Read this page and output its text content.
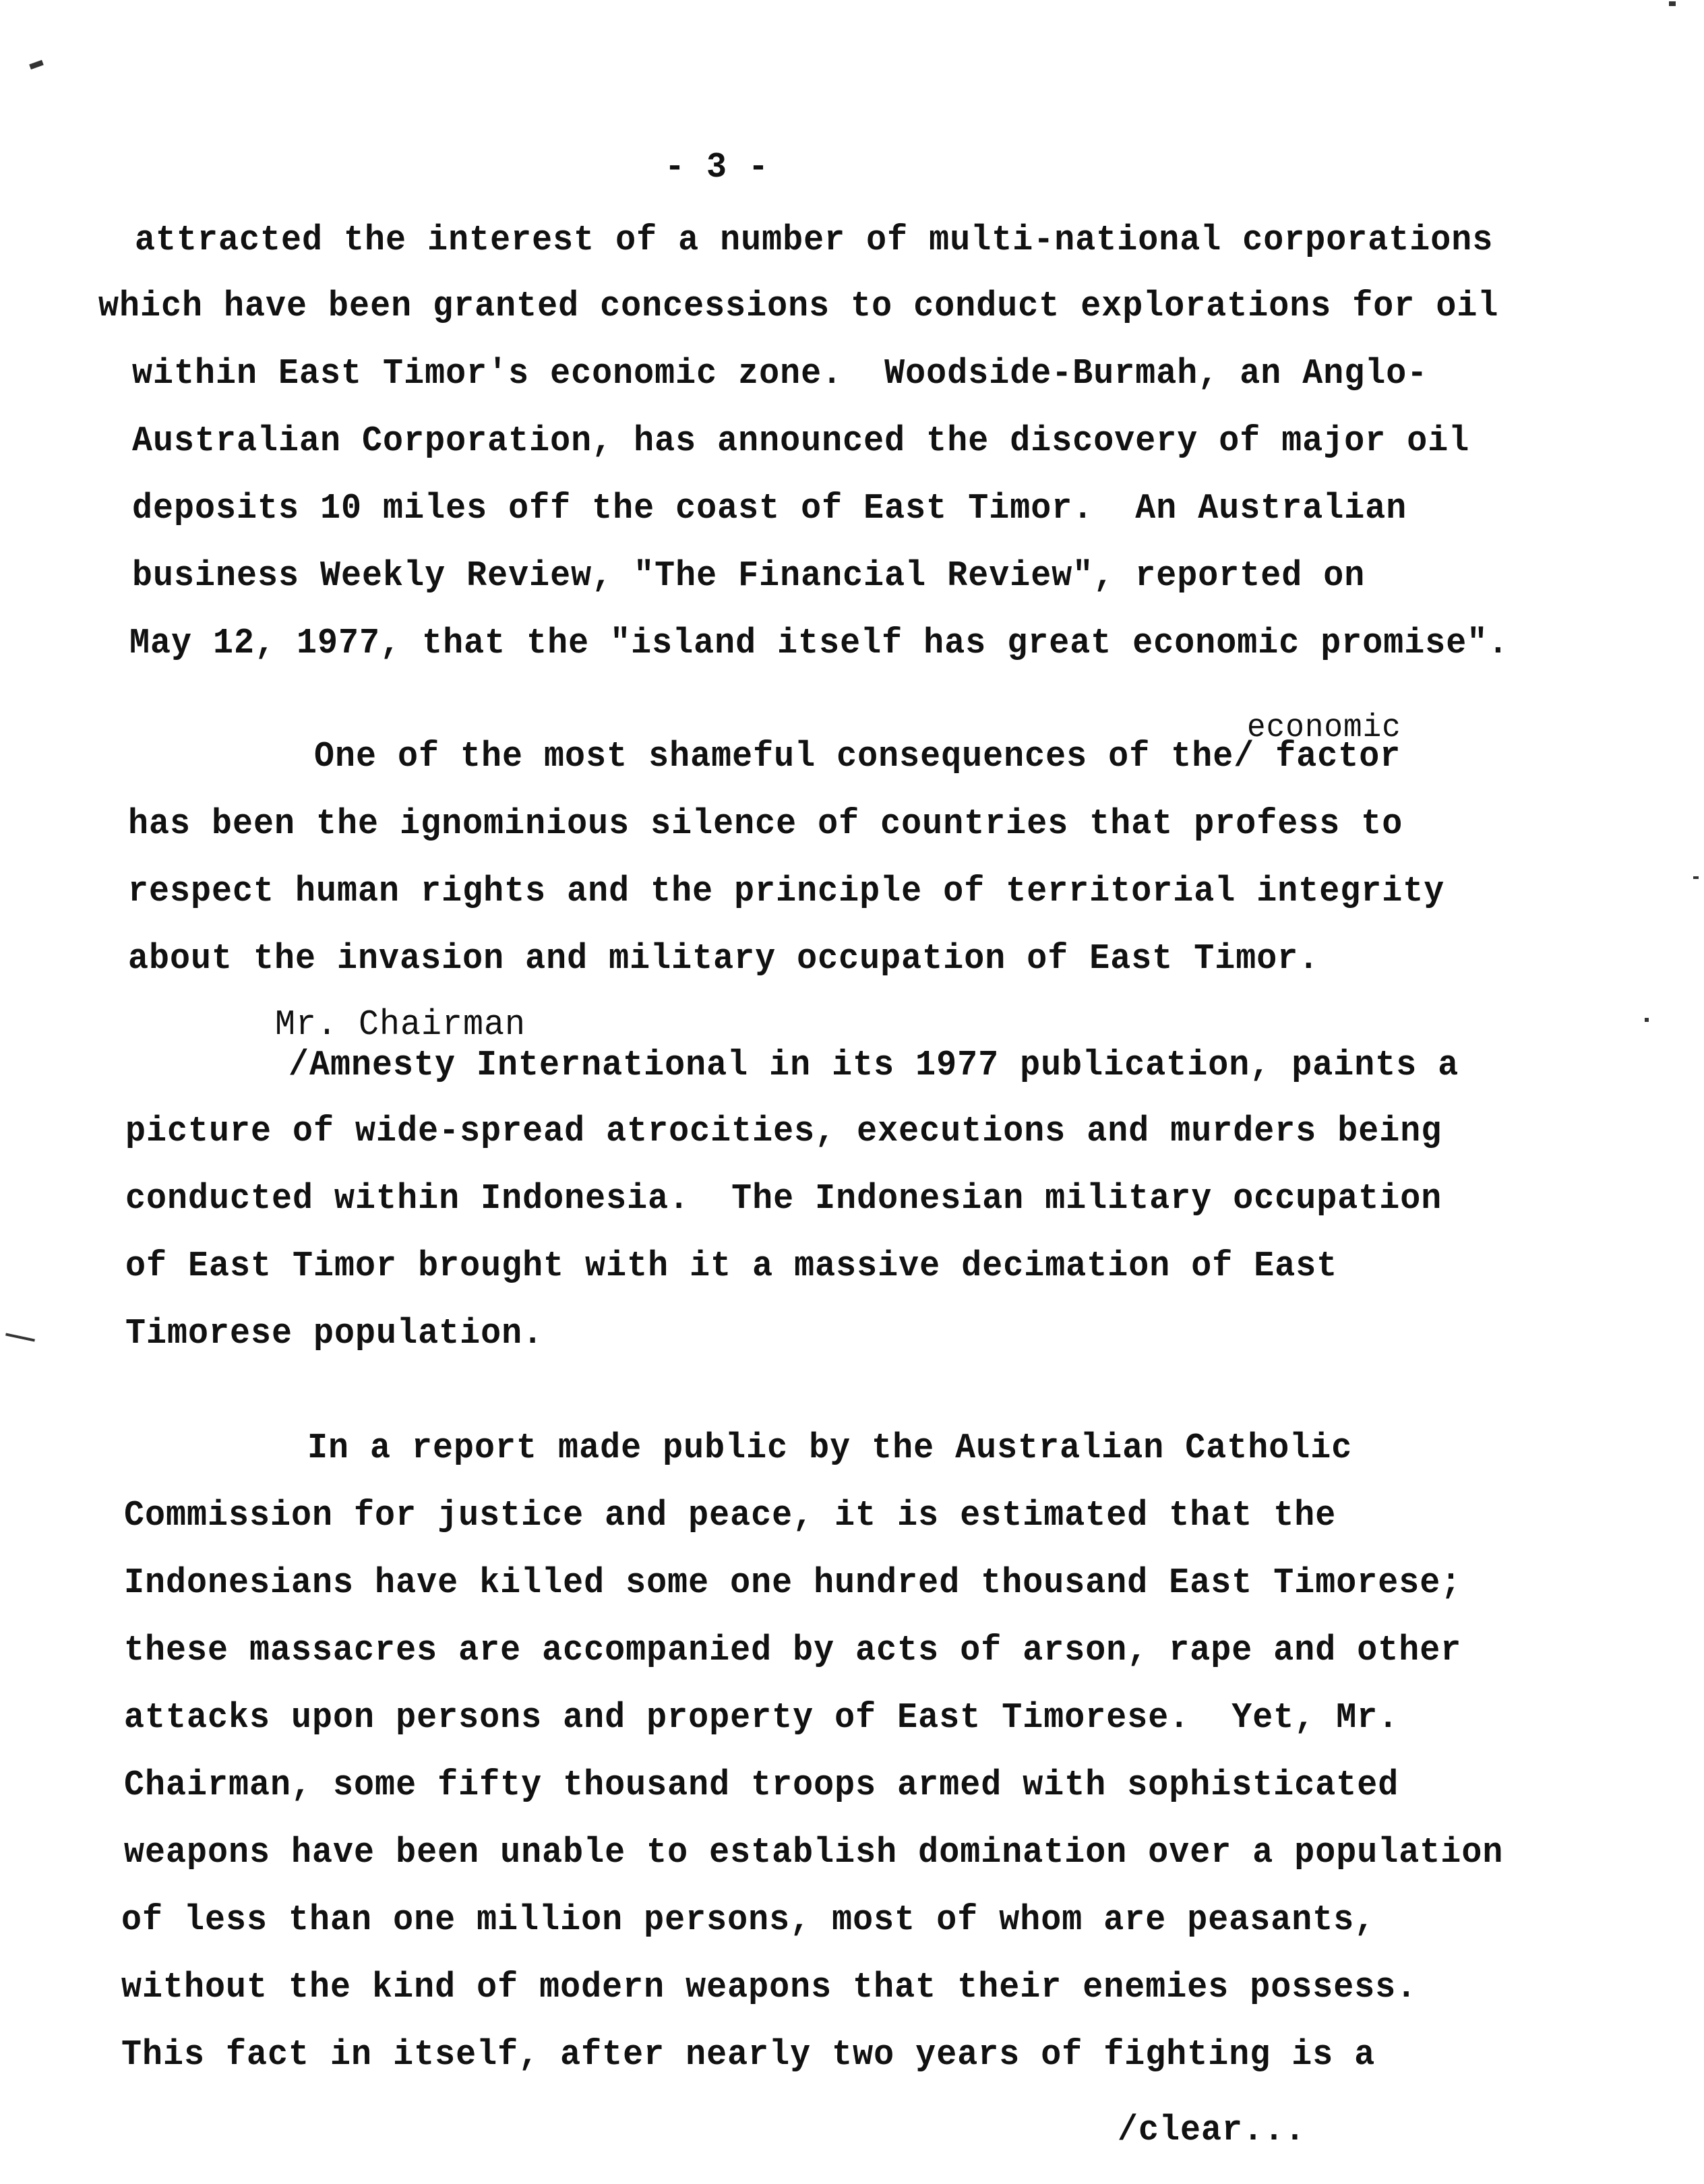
- 3 -
attracted the interest of a number of multi-national corporations
which have been granted concessions to conduct explorations for oil
within East Timor's economic zone.  Woodside-Burmah, an Anglo-
Australian Corporation, has announced the discovery of major oil
deposits 10 miles off the coast of East Timor.  An Australian
business Weekly Review, "The Financial Review", reported on
May 12, 1977, that the "island itself has great economic promise".
economic
One of the most shameful consequences of the/ factor
has been the ignominious silence of countries that profess to
respect human rights and the principle of territorial integrity
about the invasion and military occupation of East Timor.
Mr. Chairman
/Amnesty International in its 1977 publication, paints a
picture of wide-spread atrocities, executions and murders being
conducted within Indonesia.  The Indonesian military occupation
of East Timor brought with it a massive decimation of East
Timorese population.
In a report made public by the Australian Catholic
Commission for justice and peace, it is estimated that the
Indonesians have killed some one hundred thousand East Timorese;
these massacres are accompanied by acts of arson, rape and other
attacks upon persons and property of East Timorese.  Yet, Mr.
Chairman, some fifty thousand troops armed with sophisticated
weapons have been unable to establish domination over a population
of less than one million persons, most of whom are peasants,
without the kind of modern weapons that their enemies possess.
This fact in itself, after nearly two years of fighting is a
/clear...
